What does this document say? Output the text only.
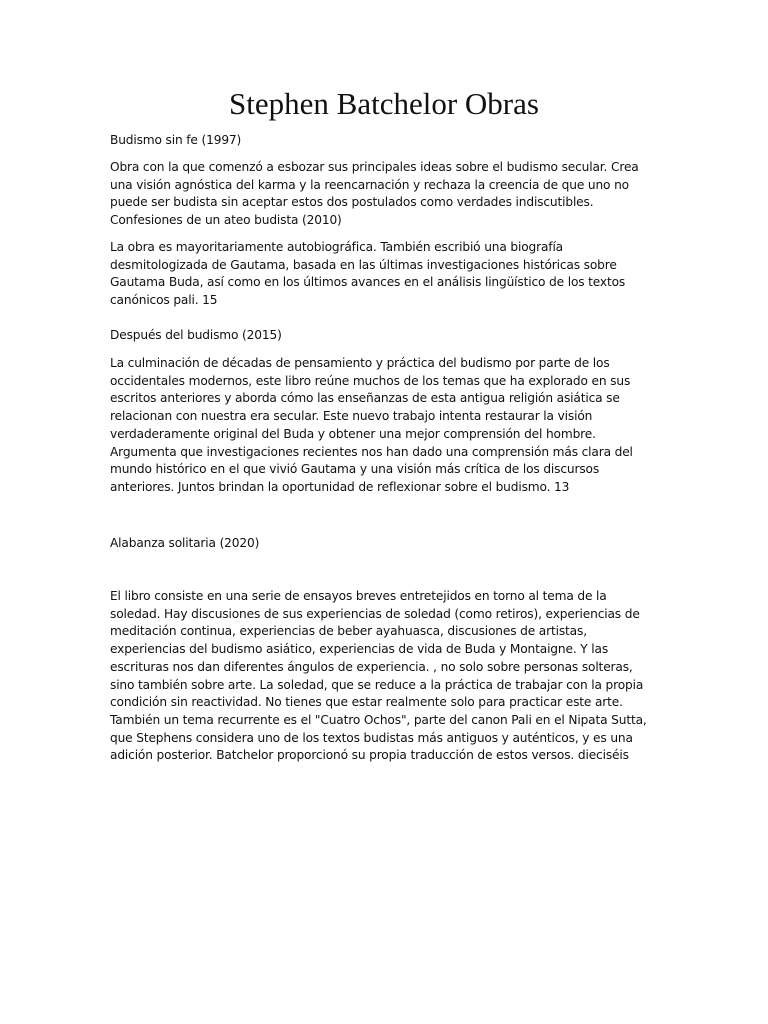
Stephen Batchelor Obras

Budismo sin fe (1997)

Obra con la que comenzó a esbozar sus principales ideas sobre el budismo secular. Crea una visión agnóstica del karma y la reencarnación y rechaza la creencia de que uno no puede ser budista sin aceptar estos dos postulados como verdades indiscutibles. Confesiones de un ateo budista (2010)

La obra es mayoritariamente autobiográfica. También escribió una biografía desmitologizada de Gautama, basada en las últimas investigaciones históricas sobre Gautama Buda, así como en los últimos avances en el análisis lingüístico de los textos canónicos pali. 15

Después del budismo (2015)

La culminación de décadas de pensamiento y práctica del budismo por parte de los occidentales modernos, este libro reúne muchos de los temas que ha explorado en sus escritos anteriores y aborda cómo las enseñanzas de esta antigua religión asiática se relacionan con nuestra era secular. Este nuevo trabajo intenta restaurar la visión verdaderamente original del Buda y obtener una mejor comprensión del hombre. Argumenta que investigaciones recientes nos han dado una comprensión más clara del mundo histórico en el que vivió Gautama y una visión más crítica de los discursos anteriores. Juntos brindan la oportunidad de reflexionar sobre el budismo. 13

Alabanza solitaria (2020)

El libro consiste en una serie de ensayos breves entretejidos en torno al tema de la soledad. Hay discusiones de sus experiencias de soledad (como retiros), experiencias de meditación continua, experiencias de beber ayahuasca, discusiones de artistas, experiencias del budismo asiático, experiencias de vida de Buda y Montaigne. Y las escrituras nos dan diferentes ángulos de experiencia. , no solo sobre personas solteras, sino también sobre arte. La soledad, que se reduce a la práctica de trabajar con la propia condición sin reactividad. No tienes que estar realmente solo para practicar este arte. También un tema recurrente es el "Cuatro Ochos", parte del canon Pali en el Nipata Sutta, que Stephens considera uno de los textos budistas más antiguos y auténticos, y es una adición posterior. Batchelor proporcionó su propia traducción de estos versos. dieciséis
